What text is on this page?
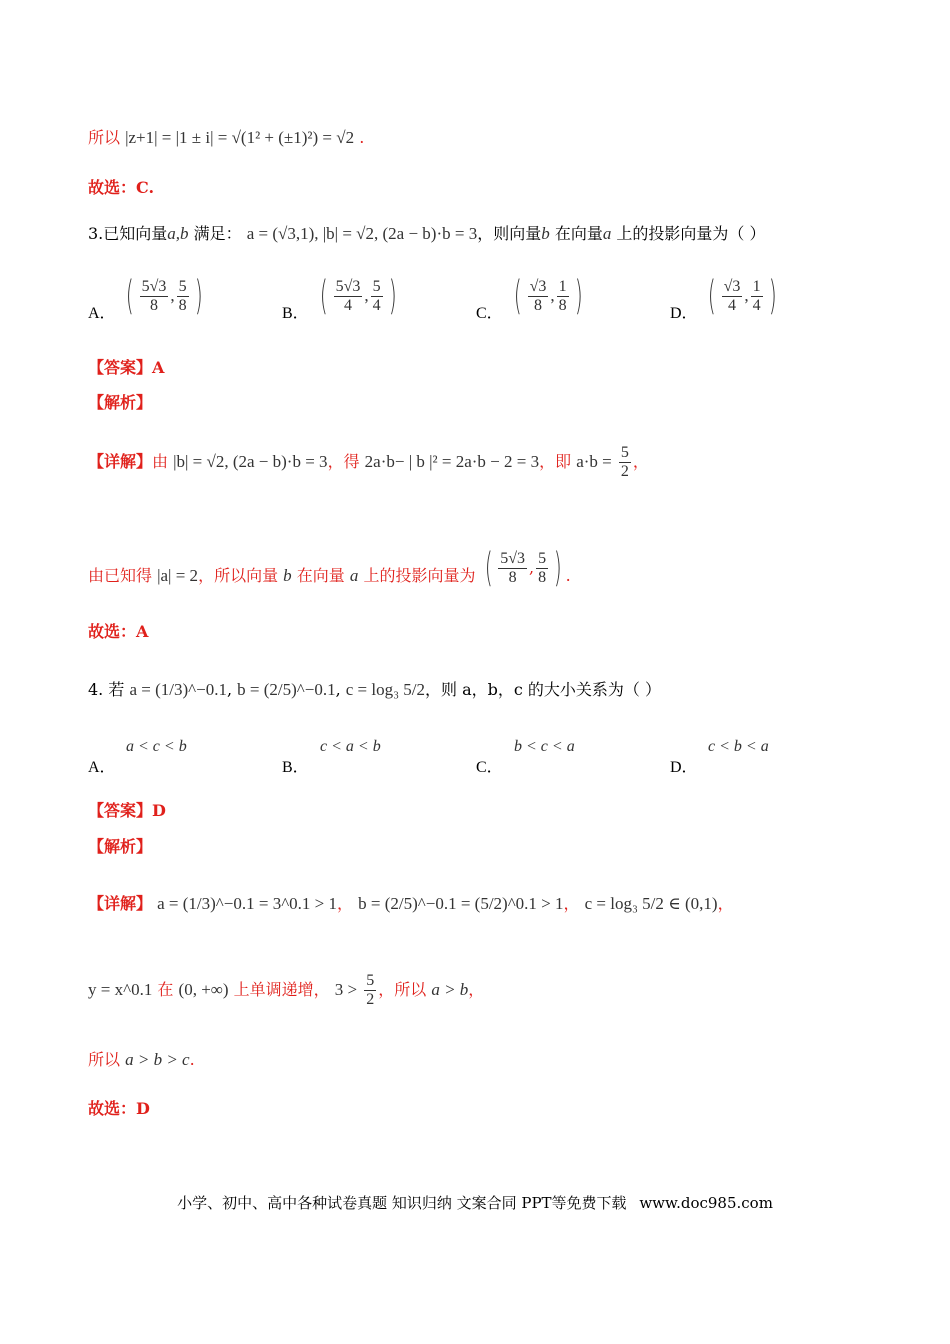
所以 |z+1| = |1 ± i| = √(1² + (±1)²) = √2 .
故选：C.
3.已知向量a,b 满足： a = (√3,1), |b| = √2, (2a − b)·b = 3，则向量b 在向量a 上的投影向量为（ ）
A． ( $\frac{5√3}{8}$ , $\frac{5}{8}$ )	B． ( $\frac{5√3}{4}$ , $\frac{5}{4}$ )	C． ( $\frac{√3}{8}$ , $\frac{1}{8}$ )	D． ( $\frac{√3}{4}$ , $\frac{1}{4}$ )
【答案】A
【解析】
【详解】由 |b| = √2, (2a − b)·b = 3，得 2a·b− | b |² = 2a·b − 2 = 3，即 $a\cdot b = \frac{5}{2}$ ，
由已知得 |a| = 2，所以向量 b 在向量 a 上的投影向量为 ( $\frac{5√3}{8}$ , $\frac{5}{8}$ ) .
故选：A
4. 若 a = (1/3)^−0.1, b = (2/5)^−0.1, c = log₃ 5/2，则 a，b，c 的大小关系为（ ）
A．
a < c < b
B．
c < a < b
C．
b < c < a
D．
c < b < a
【答案】D
【解析】
【详解】 a = (1/3)^−0.1 = 3^0.1 > 1， b = (2/5)^−0.1 = (5/2)^0.1 > 1， c = log₃ 5/2 ∈ (0,1)，
y = x^0.1 在 (0, +∞) 上单调递增， $3 > \frac{5}{2}$ ，所以 a > b，
所以 a > b > c.
故选：D
小学、初中、高中各种试卷真题 知识归纳 文案合同 PPT等免费下载 www.doc985.com
